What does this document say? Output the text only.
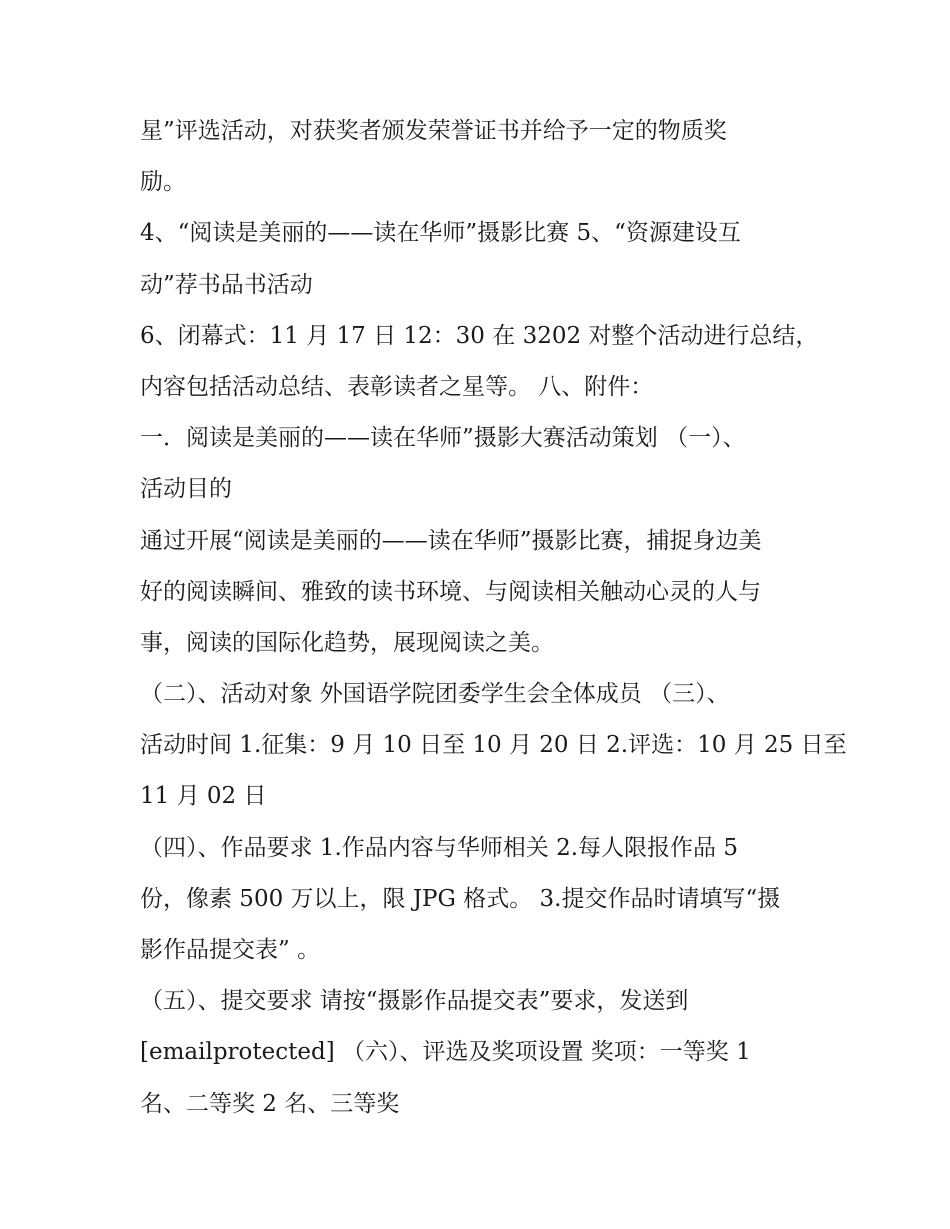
星”评选活动，对获奖者颁发荣誉证书并给予一定的物质奖
励。
4、“阅读是美丽的——读在华师”摄影比赛 5、“资源建设互
动”荐书品书活动
6、闭幕式：11 月 17 日 12：30 在 3202 对整个活动进行总结，
内容包括活动总结、表彰读者之星等。 八、附件：
一．阅读是美丽的——读在华师”摄影大赛活动策划 （一）、
活动目的
通过开展“阅读是美丽的——读在华师”摄影比赛，捕捉身边美
好的阅读瞬间、雅致的读书环境、与阅读相关触动心灵的人与
事，阅读的国际化趋势，展现阅读之美。
（二）、活动对象 外国语学院团委学生会全体成员 （三）、
活动时间 1.征集：9 月 10 日至 10 月 20 日 2.评选：10 月 25 日至
11 月 02 日
（四）、作品要求 1.作品内容与华师相关 2.每人限报作品 5
份，像素 500 万以上，限 JPG 格式。 3.提交作品时请填写“摄
影作品提交表” 。
（五）、提交要求 请按“摄影作品提交表”要求，发送到
[emailprotected] （六）、评选及奖项设置 奖项：一等奖 1
名、二等奖 2 名、三等奖
